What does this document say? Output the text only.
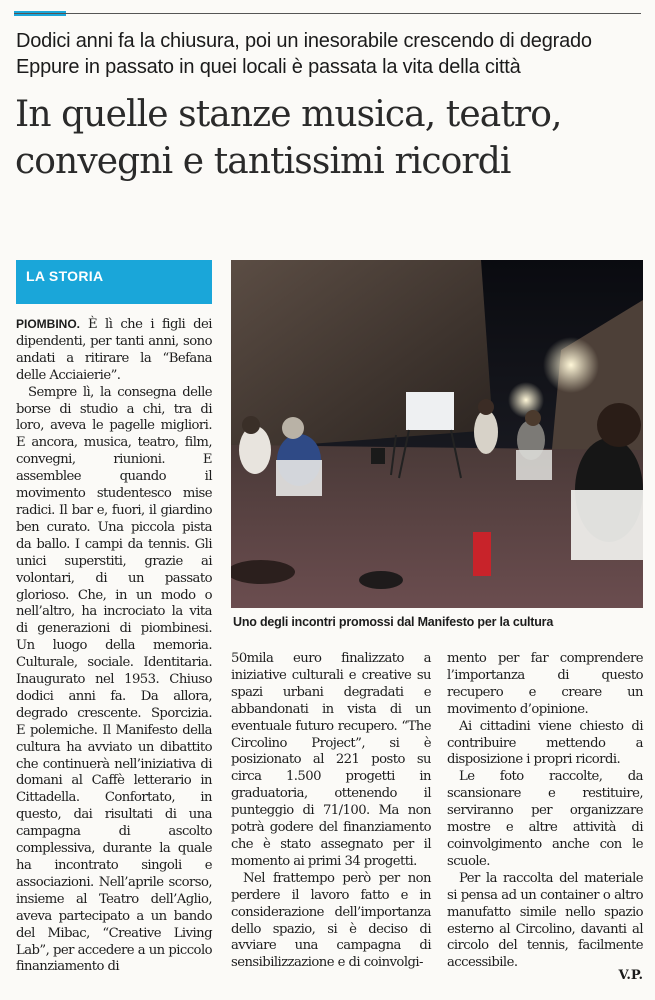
Dodici anni fa la chiusura, poi un inesorabile crescendo di degrado
Eppure in passato in quei locali è passata la vita della città
In quelle stanze musica, teatro, convegni e tantissimi ricordi
LA STORIA

PIOMBINO. È lì che i figli dei dipendenti, per tanti anni, sono andati a ritirare la “Befana delle Acciaierie”.

Sempre lì, la consegna delle borse di studio a chi, tra di loro, aveva le pagelle migliori. E ancora, musica, teatro, film, convegni, riunioni. E assemblee quando il movimento studentesco mise radici. Il bar e, fuori, il giardino ben curato. Una piccola pista da ballo. I campi da tennis. Gli unici superstiti, grazie ai volontari, di un passato glorioso. Che, in un modo o nell’altro, ha incrociato la vita di generazioni di piombinesi. Un luogo della memoria. Culturale, sociale. Identitaria. Inaugurato nel 1953. Chiuso dodici anni fa. Da allora, degrado crescente. Sporcizia. E polemiche. Il Manifesto della cultura ha avviato un dibattito che continuerà nell’iniziativa di domani al Caffè letterario in Cittadella. Confortato, in questo, dai risultati di una campagna di ascolto complessiva, durante la quale ha incontrato singoli e associazioni. Nell’aprile scorso, insieme al Teatro dell’Aglio, aveva partecipato a un bando del Mibac, “Creative Living Lab”, per accedere a un piccolo finanziamento di

Uno degli incontri promossi dal Manifesto per la cultura

50mila euro finalizzato a iniziative culturali e creative su spazi urbani degradati e abbandonati in vista di un eventuale futuro recupero. “The Circolino Project”, si è posizionato al 221 posto su circa 1.500 progetti in graduatoria, ottenendo il punteggio di 71/100. Ma non potrà godere del finanziamento che è stato assegnato per il momento ai primi 34 progetti.

Nel frattempo però per non perdere il lavoro fatto e in considerazione dell’importanza dello spazio, si è deciso di avviare una campagna di sensibilizzazione e di coinvolgi-

mento per far comprendere l’importanza di questo recupero e creare un movimento d’opinione.

Ai cittadini viene chiesto di contribuire mettendo a disposizione i propri ricordi.

Le foto raccolte, da scansionare e restituire, serviranno per organizzare mostre e altre attività di coinvolgimento anche con le scuole.

Per la raccolta del materiale si pensa ad un container o altro manufatto simile nello spazio esterno al Circolino, davanti al circolo del tennis, facilmente accessibile.

V.P.
